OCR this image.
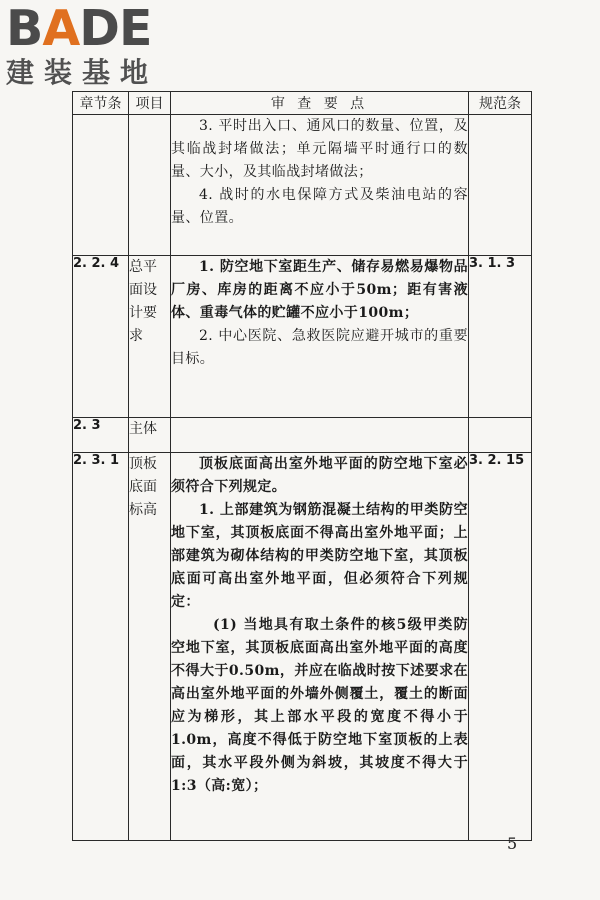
BADE
建装基地
章节条	项目	审 查 要 点	规范条

		3. 平时出入口、通风口的数量、位置，及其临战封堵做法；单元隔墙平时通行口的数量、大小，及其临战封堵做法；

4. 战时的水电保障方式及柴油电站的容量、位置。	

2. 2. 4	总平面设计要求	1. 防空地下室距生产、储存易燃易爆物品厂房、库房的距离不应小于50m；距有害液体、重毒气体的贮罐不应小于100m；

2. 中心医院、急救医院应避开城市的重要目标。	3. 1. 3
2. 3	主体		
2. 3. 1	顶板底面标高	顶板底面高出室外地平面的防空地下室必须符合下列规定。

1. 上部建筑为钢筋混凝土结构的甲类防空地下室，其顶板底面不得高出室外地平面；上部建筑为砌体结构的甲类防空地下室，其顶板底面可高出室外地平面，但必须符合下列规定：

(1) 当地具有取土条件的核5级甲类防空地下室，其顶板底面高出室外地平面的高度不得大于0.50m，并应在临战时按下述要求在高出室外地平面的外墙外侧覆土，覆土的断面应为梯形，其上部水平段的宽度不得小于1.0m，高度不得低于防空地下室顶板的上表面，其水平段外侧为斜坡，其坡度不得大于1:3（高:宽）；	3. 2. 15
5
